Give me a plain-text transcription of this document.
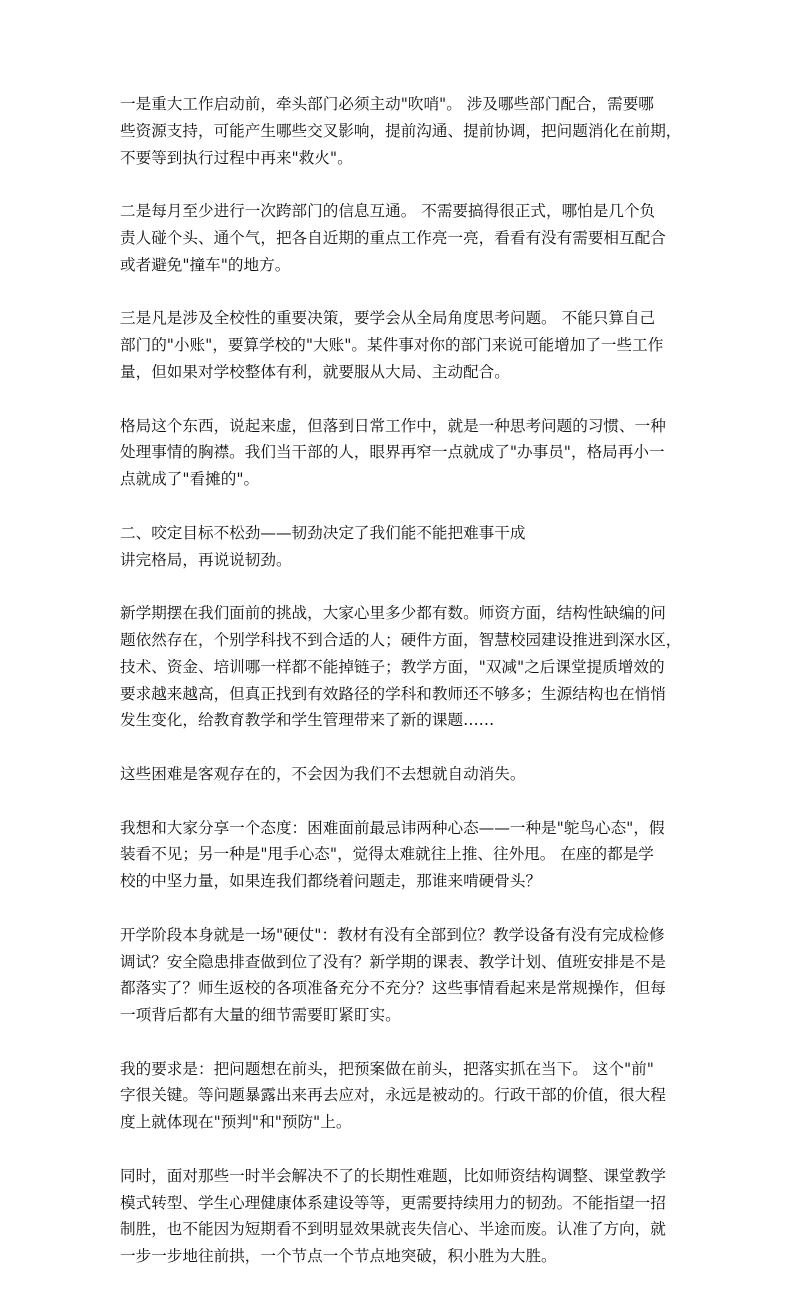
一是重大工作启动前，牵头部门必须主动"吹哨"。 涉及哪些部门配合，需要哪
些资源支持，可能产生哪些交叉影响，提前沟通、提前协调，把问题消化在前期，
不要等到执行过程中再来"救火"。
二是每月至少进行一次跨部门的信息互通。 不需要搞得很正式，哪怕是几个负
责人碰个头、通个气，把各自近期的重点工作亮一亮，看看有没有需要相互配合
或者避免"撞车"的地方。
三是凡是涉及全校性的重要决策，要学会从全局角度思考问题。 不能只算自己
部门的"小账"，要算学校的"大账"。某件事对你的部门来说可能增加了一些工作
量，但如果对学校整体有利，就要服从大局、主动配合。
格局这个东西，说起来虚，但落到日常工作中，就是一种思考问题的习惯、一种
处理事情的胸襟。我们当干部的人，眼界再窄一点就成了"办事员"，格局再小一
点就成了"看摊的"。
二、咬定目标不松劲——韧劲决定了我们能不能把难事干成
讲完格局，再说说韧劲。
新学期摆在我们面前的挑战，大家心里多少都有数。师资方面，结构性缺编的问
题依然存在，个别学科找不到合适的人；硬件方面，智慧校园建设推进到深水区，
技术、资金、培训哪一样都不能掉链子；教学方面，"双减"之后课堂提质增效的
要求越来越高，但真正找到有效路径的学科和教师还不够多；生源结构也在悄悄
发生变化，给教育教学和学生管理带来了新的课题……
这些困难是客观存在的，不会因为我们不去想就自动消失。
我想和大家分享一个态度：困难面前最忌讳两种心态——一种是"鸵鸟心态"，假
装看不见；另一种是"甩手心态"，觉得太难就往上推、往外甩。 在座的都是学
校的中坚力量，如果连我们都绕着问题走，那谁来啃硬骨头？
开学阶段本身就是一场"硬仗"：教材有没有全部到位？教学设备有没有完成检修
调试？安全隐患排查做到位了没有？新学期的课表、教学计划、值班安排是不是
都落实了？师生返校的各项准备充分不充分？这些事情看起来是常规操作，但每
一项背后都有大量的细节需要盯紧盯实。
我的要求是：把问题想在前头，把预案做在前头，把落实抓在当下。 这个"前"
字很关键。等问题暴露出来再去应对，永远是被动的。行政干部的价值，很大程
度上就体现在"预判"和"预防"上。
同时，面对那些一时半会解决不了的长期性难题，比如师资结构调整、课堂教学
模式转型、学生心理健康体系建设等等，更需要持续用力的韧劲。不能指望一招
制胜，也不能因为短期看不到明显效果就丧失信心、半途而废。认准了方向，就
一步一步地往前拱，一个节点一个节点地突破，积小胜为大胜。
